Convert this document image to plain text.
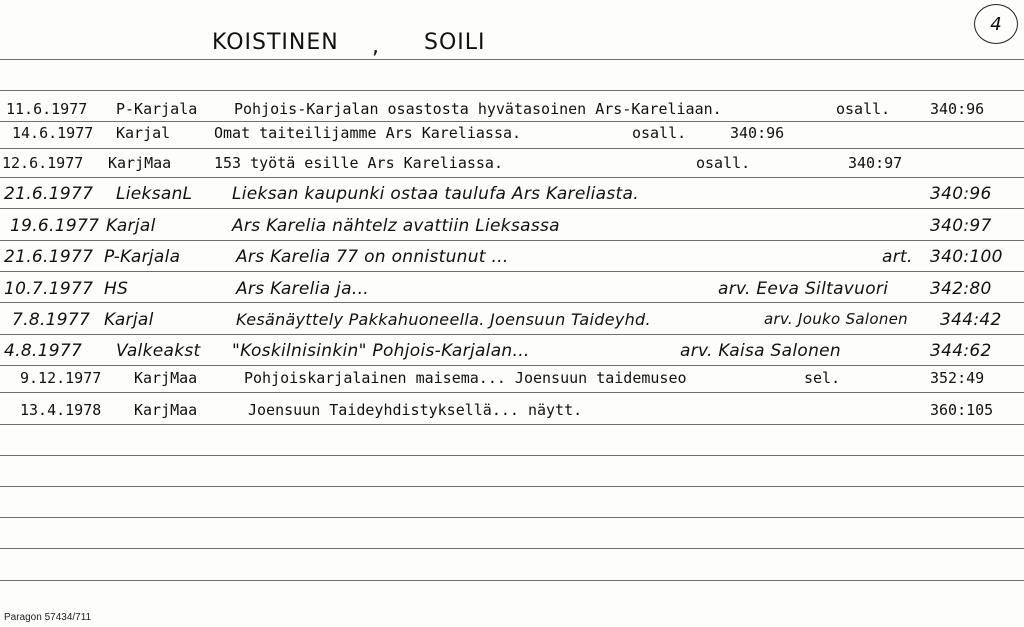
KOISTINEN , SOILI
4
11.6.1977 P-Karjala Pohjois-Karjalan osastosta hyvätasoinen Ars-Kareliaan.	osall.	340:96
14.6.1977 Karjal	Omat taiteilijamme Ars Kareliassa.	osall.	340:96
12.6.1977 KarjMaa	153 työtä esille Ars Kareliassa.	osall.	340:97
21.6.1977 LieksanL Lieksan kaupunki ostaa taulufa Ars Kareliasta.	340:96
19.6.1977 Karjal	Ars Karelia nähtelz avattiin Lieksassa	340:97
21.6.1977 P-Karjala	Ars Karelia 77 on onnistunut ...	art. 340:100
10.7.1977 HS	Ars Karelia ja...	arv. Eeva Siltavuori 342:80
7.8.1977 Karjal	Kesänäyttely Pakkahuoneella. Joensuun Taideyhd.	arv. Jouko Salonen 344:42
4.8.1977 Valkeakst "Koskilnisinkin" Pohjois-Karjalan...	arv. Kaisa Salonen	344:62
9.12.1977 KarjMaa	Pohjoiskarjalainen maisema... Joensuun taidemuseo	sel.	352:49
13.4.1978 KarjMaa	Joensuun Taideyhdistyksellä... näytt.	360:105
Paragon 57434/711
